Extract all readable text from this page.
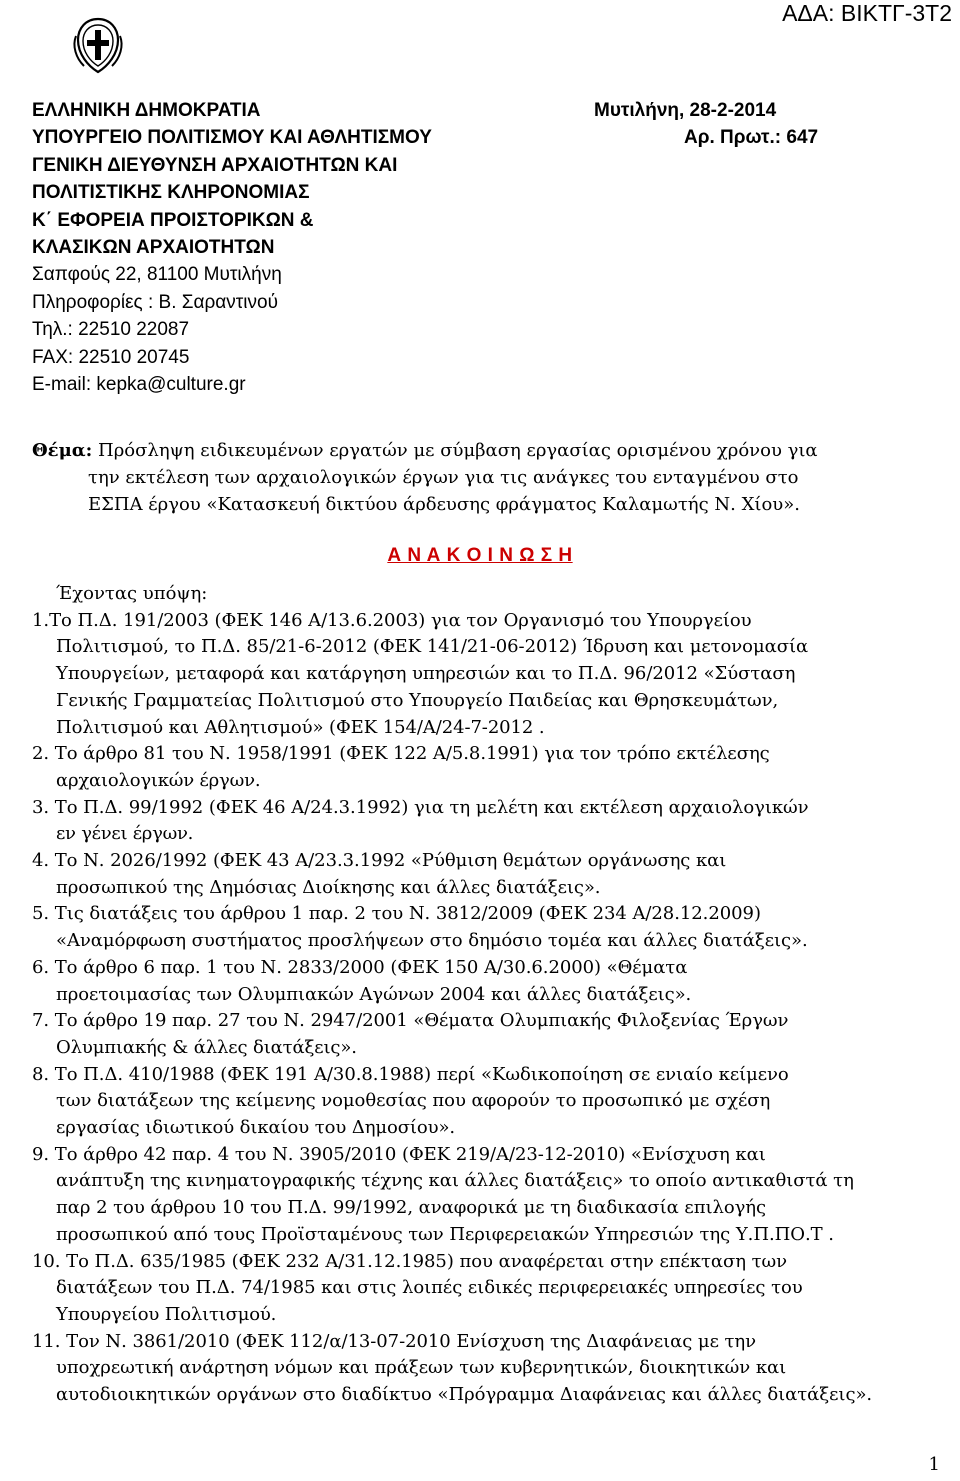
ΑΔΑ: ΒΙΚΤΓ-3Τ2
ΕΛΛΗΝΙΚΗ ΔΗΜΟΚΡΑΤΙΑ
ΥΠΟΥΡΓΕΙΟ ΠΟΛΙΤΙΣΜΟΥ ΚΑΙ ΑΘΛΗΤΙΣΜΟΥ
ΓΕΝΙΚΗ ΔΙΕΥΘΥΝΣΗ ΑΡΧΑΙΟΤΗΤΩΝ ΚΑΙ
ΠΟΛΙΤΙΣΤΙΚΗΣ ΚΛΗΡΟΝΟΜΙΑΣ
Κ΄ ΕΦΟΡΕΙΑ ΠΡΟΙΣΤΟΡΙΚΩΝ &
ΚΛΑΣΙΚΩΝ ΑΡΧΑΙΟΤΗΤΩΝ
Σαπφούς 22, 81100 Μυτιλήνη
Πληροφορίες : Β. Σαραντινού
Τηλ.: 22510 22087
FAX: 22510 20745
E-mail: kepka@culture.gr
Μυτιλήνη, 28-2-2014
Αρ. Πρωτ.: 647
Θέμα: Πρόσληψη ειδικευμένων εργατών με σύμβαση εργασίας ορισμένου χρόνου για
την εκτέλεση των αρχαιολογικών έργων για τις ανάγκες του ενταγμένου στο
ΕΣΠΑ έργου «Κατασκευή δικτύου άρδευσης φράγματος Καλαμωτής Ν. Χίου».
Α Ν Α Κ Ο Ι Ν Ω Σ Η
Έχοντας υπόψη:
1.Το Π.Δ. 191/2003 (ΦΕΚ 146 Α/13.6.2003) για τον Οργανισμό του Υπουργείου
Πολιτισμού, το Π.Δ. 85/21-6-2012 (ΦΕΚ 141/21-06-2012) Ίδρυση και μετονομασία
Υπουργείων, μεταφορά και κατάργηση υπηρεσιών και το Π.Δ. 96/2012 «Σύσταση
Γενικής Γραμματείας Πολιτισμού στο Υπουργείο Παιδείας και Θρησκευμάτων,
Πολιτισμού και Αθλητισμού» (ΦΕΚ 154/Α/24-7-2012 .
2. Το άρθρο 81 του Ν. 1958/1991 (ΦΕΚ 122 Α/5.8.1991) για τον τρόπο εκτέλεσης
αρχαιολογικών έργων.
3. Το Π.Δ. 99/1992 (ΦΕΚ 46 Α/24.3.1992) για τη μελέτη και εκτέλεση αρχαιολογικών
εν γένει έργων.
4. Το Ν. 2026/1992 (ΦΕΚ 43 Α/23.3.1992 «Ρύθμιση θεμάτων οργάνωσης και
προσωπικού της Δημόσιας Διοίκησης και άλλες διατάξεις».
5. Τις διατάξεις του άρθρου 1 παρ. 2 του Ν. 3812/2009 (ΦΕΚ 234 Α/28.12.2009)
«Αναμόρφωση συστήματος προσλήψεων στο δημόσιο τομέα και άλλες διατάξεις».
6. Το άρθρο 6 παρ. 1 του Ν. 2833/2000 (ΦΕΚ 150 Α/30.6.2000) «Θέματα
προετοιμασίας των Ολυμπιακών Αγώνων 2004 και άλλες διατάξεις».
7. Το άρθρο 19 παρ. 27 του Ν. 2947/2001 «Θέματα Ολυμπιακής Φιλοξενίας Έργων
Ολυμπιακής & άλλες διατάξεις».
8. Το Π.Δ. 410/1988 (ΦΕΚ 191 Α/30.8.1988) περί «Κωδικοποίηση σε ενιαίο κείμενο
των διατάξεων της κείμενης νομοθεσίας που αφορούν το προσωπικό με σχέση
εργασίας ιδιωτικού δικαίου του Δημοσίου».
9. Το άρθρο 42 παρ. 4 του Ν. 3905/2010 (ΦΕΚ 219/Α/23-12-2010) «Ενίσχυση και
ανάπτυξη της κινηματογραφικής τέχνης και άλλες διατάξεις» το οποίο αντικαθιστά τη
παρ 2 του άρθρου 10 του Π.Δ. 99/1992, αναφορικά με τη διαδικασία επιλογής
προσωπικού από τους Προϊσταμένους των Περιφερειακών Υπηρεσιών της Υ.Π.ΠΟ.Τ .
10. Το Π.Δ. 635/1985 (ΦΕΚ 232 Α/31.12.1985) που αναφέρεται στην επέκταση των
διατάξεων του Π.Δ. 74/1985 και στις λοιπές ειδικές περιφερειακές υπηρεσίες του
Υπουργείου Πολιτισμού.
11. Τον Ν. 3861/2010 (ΦΕΚ 112/α/13-07-2010 Ενίσχυση της Διαφάνειας με την
υποχρεωτική ανάρτηση νόμων και πράξεων των κυβερνητικών, διοικητικών και
αυτοδιοικητικών οργάνων στο διαδίκτυο «Πρόγραμμα Διαφάνειας και άλλες διατάξεις».
1
